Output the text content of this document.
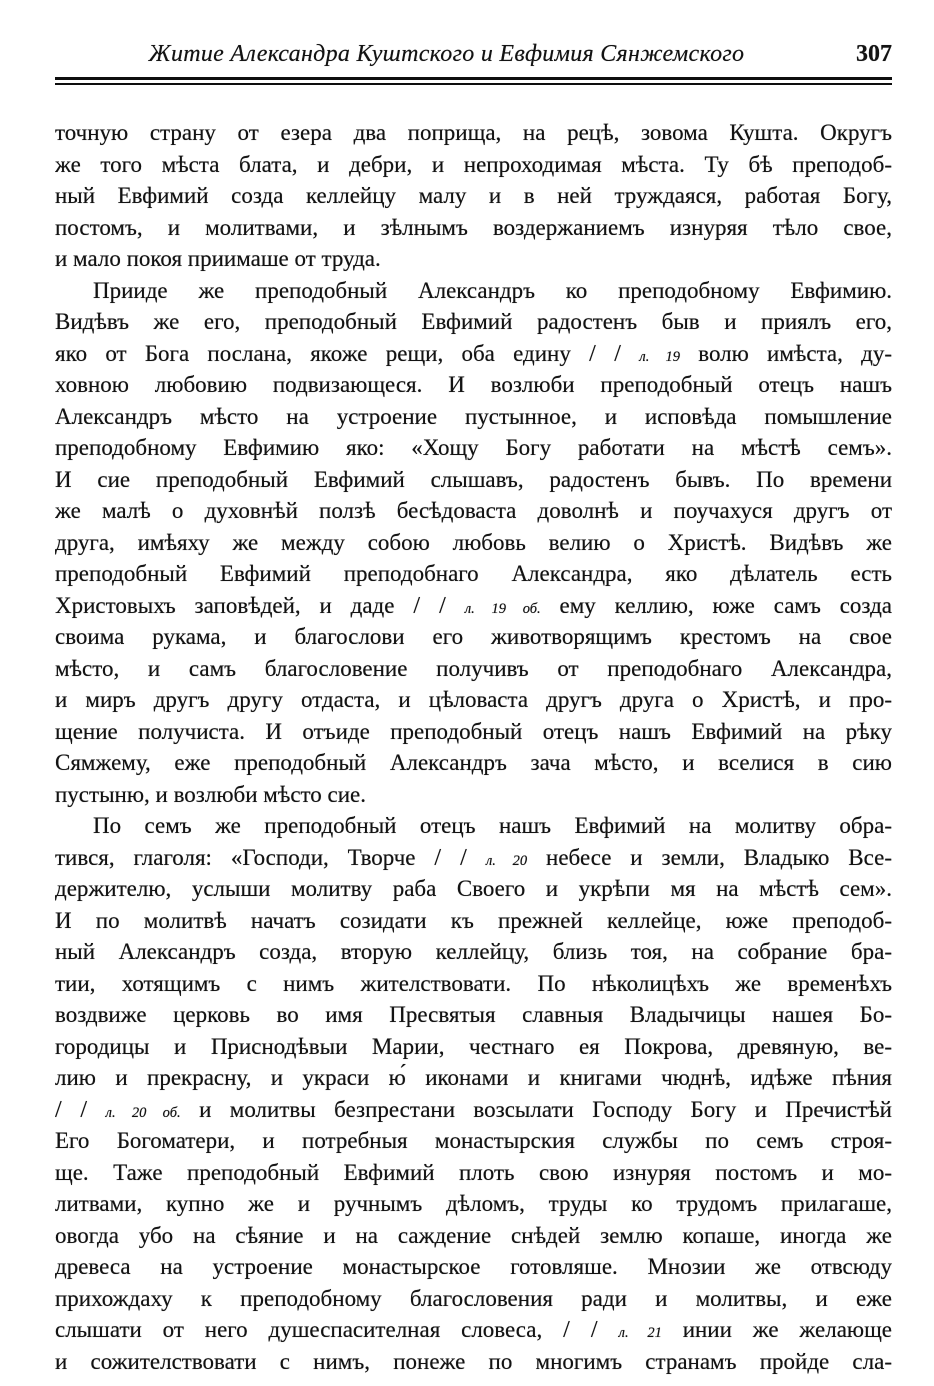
Житие Александра Куштского и Евфимия Сянжемского	307
точную страну от езера два поприща, на рецѣ, зовома Кушта. Округъ
же того мѣста блата, и дебри, и непроходимая мѣста. Ту бѣ преподоб-
ный Евфимий созда келлейцу малу и в ней труждаяся, работая Богу,
постомъ, и молитвами, и зѣлнымъ воздержаниемъ изнуряя тѣло свое,
и мало покоя приимаше от труда.
Прииде же преподобный Александръ ко преподобному Евфимию.
Видѣвъ же его, преподобный Евфимий радостенъ быв и приялъ его,
яко от Бога послана, якоже рещи, оба едину / / л. 19 волю имѣста, ду-
ховною любовию подвизающеся. И возлюби преподобный отецъ нашъ
Александръ мѣсто на устроение пустынное, и исповѣда помышление
преподобному Евфимию яко: «Хощу Богу работати на мѣстѣ семъ».
И сие преподобный Евфимий слышавъ, радостенъ бывъ. По времени
же малѣ о духовнѣй ползѣ бесѣдоваста доволнѣ и поучахуся другъ от
друга, имѣяху же между собою любовь велию о Христѣ. Видѣвъ же
преподобный Евфимий преподобнаго Александра, яко дѣлатель есть
Христовыхъ заповѣдей, и даде / / л. 19 об. ему келлию, юже самъ созда
своима рукама, и благослови его животворящимъ крестомъ на свое
мѣсто, и самъ благословение получивъ от преподобнаго Александра,
и миръ другъ другу отдаста, и цѣловаста другъ друга о Христѣ, и про-
щение получиста. И отъиде преподобный отецъ нашъ Евфимий на рѣку
Сямжему, еже преподобный Александръ зача мѣсто, и вселися в сию
пустыню, и возлюби мѣсто сие.
По семъ же преподобный отецъ нашъ Евфимий на молитву обра-
тився, глаголя: «Господи, Творче / / л. 20 небесе и земли, Владыко Все-
держителю, услыши молитву раба Своего и укрѣпи мя на мѣстѣ сем».
И по молитвѣ начатъ созидати къ прежней келлейце, юже преподоб-
ный Александръ созда, вторую келлейцу, близь тоя, на собрание бра-
тии, хотящимъ с нимъ жителствовати. По нѣколицѣхъ же временѣхъ
воздвиже церковь во имя Пресвятыя славныя Владычицы нашея Бо-
городицы и Приснодѣвыи Марии, честнаго ея Покрова, древяную, ве-
лию и прекрасну, и украси ю́ иконами и книгами чюднѣ, идѣже пѣния
/ / л. 20 об. и молитвы безпрестани возсылати Господу Богу и Пречистѣй
Его Богоматери, и потребныя монастырския службы по семъ строя-
ще. Таже преподобный Евфимий плоть свою изнуряя постомъ и мо-
литвами, купно же и ручнымъ дѣломъ, труды ко трудомъ прилагаше,
овогда убо на сѣяние и на саждение снѣдей землю копаше, иногда же
древеса на устроение монастырское готовляше. Мнозии же отвсюду
прихождаху к преподобному благословения ради и молитвы, и еже
слышати от него душеспасителная словеса, / / л. 21 инии же желающе
и сожителствовати с нимъ, понеже по многимъ странамъ пройде сла-
